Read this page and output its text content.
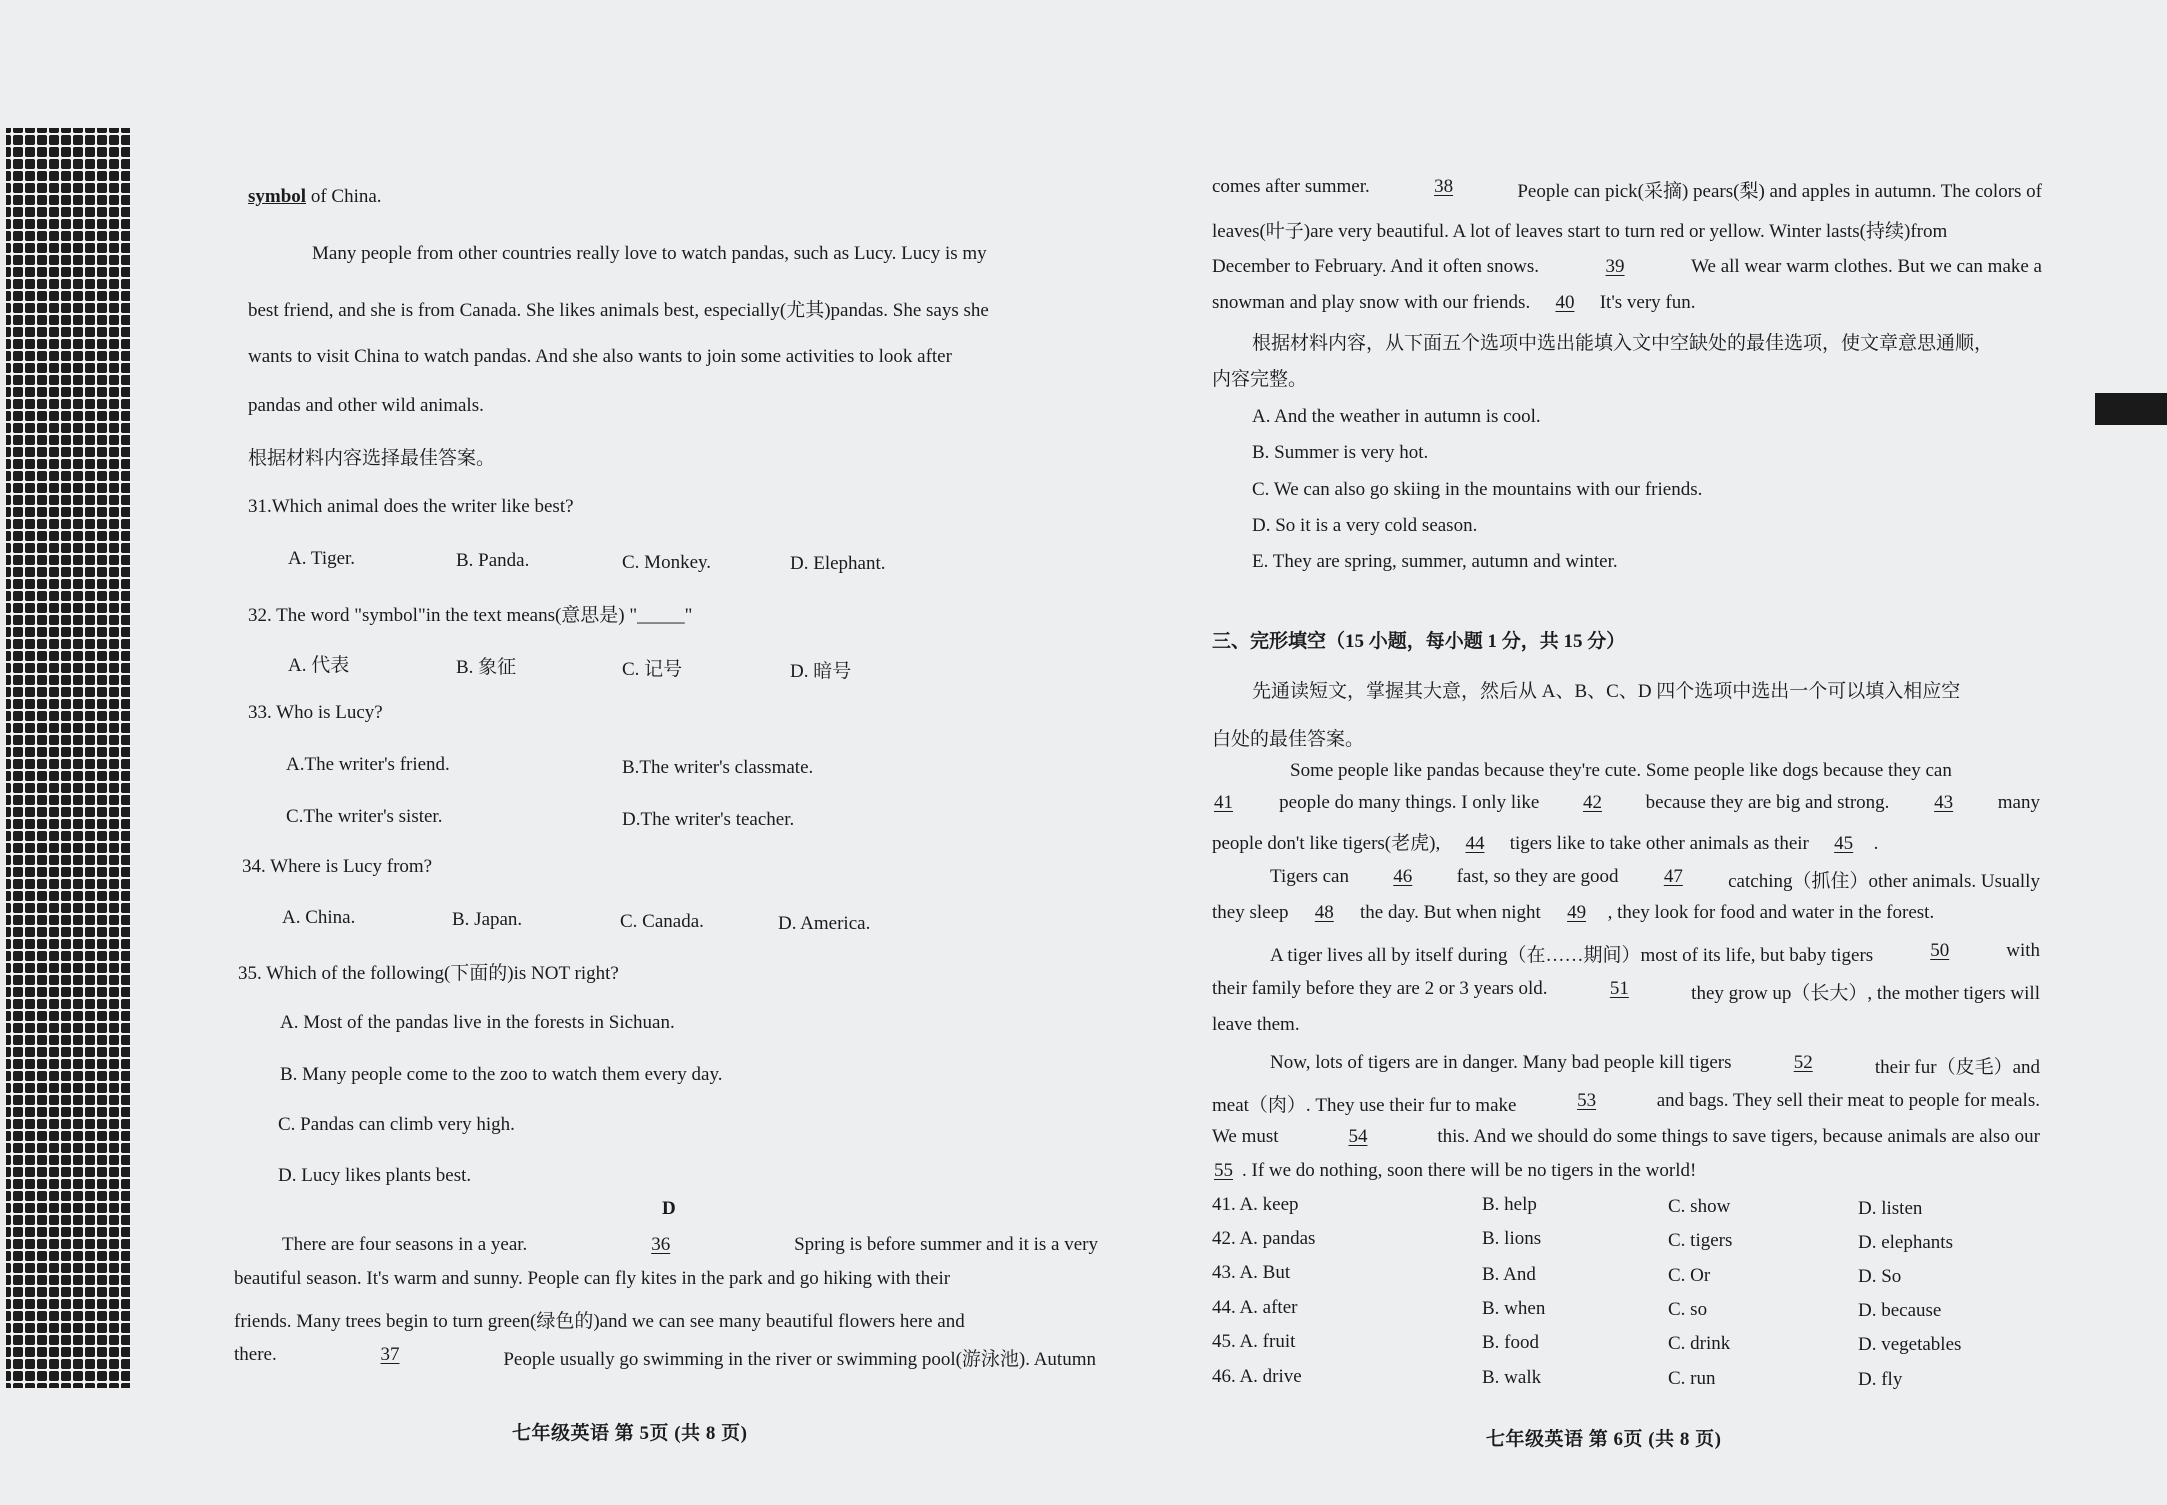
symbol of China.
Many people from other countries really love to watch pandas, such as Lucy. Lucy is my
best friend, and she is from Canada. She likes animals best, especially(尤其)pandas. She says she
wants to visit China to watch pandas. And she also wants to join some activities to look after
pandas and other wild animals.
根据材料内容选择最佳答案。
31.Which animal does the writer like best?
A. Tiger.	B. Panda.	C. Monkey.	D. Elephant.
32. The word "symbol"in the text means(意思是) "_____"
A. 代表	B. 象征	C. 记号	D. 暗号
33. Who is Lucy?
A.The writer's friend.	B.The writer's classmate.
C.The writer's sister.	D.The writer's teacher.
34. Where is Lucy from?
A. China.	B. Japan.	C. Canada.	D. America.
35. Which of the following(下面的)is NOT right?
A. Most of the pandas live in the forests in Sichuan.
B. Many people come to the zoo to watch them every day.
C. Pandas can climb very high.
D. Lucy likes plants best.
D
There are four seasons in a year.	36	Spring is before summer and it is a very
beautiful season. It's warm and sunny. People can fly kites in the park and go hiking with their
friends. Many trees begin to turn green(绿色的)and we can see many beautiful flowers here and
there.	37	People usually go swimming in the river or swimming pool(游泳池). Autumn
七年级英语 第 5页 (共 8 页)
comes after summer.	38	People can pick(采摘) pears(梨) and apples in autumn. The colors of
leaves(叶子)are very beautiful. A lot of leaves start to turn red or yellow. Winter lasts(持续)from
December to February. And it often snows.	39	We all wear warm clothes. But we can make a
snowman and play snow with our friends. 40 It's very fun.
根据材料内容，从下面五个选项中选出能填入文中空缺处的最佳选项，使文章意思通顺，
内容完整。
A. And the weather in autumn is cool.
B. Summer is very hot.
C. We can also go skiing in the mountains with our friends.
D. So it is a very cold season.
E. They are spring, summer, autumn and winter.
三、完形填空（15 小题，每小题 1 分，共 15 分）
先通读短文，掌握其大意，然后从 A、B、C、D 四个选项中选出一个可以填入相应空
白处的最佳答案。
Some people like pandas because they're cute. Some people like dogs because they can
41	people do many things. I only like	42	because they are big and strong.	43	many
people don't like tigers(老虎), 44 tigers like to take other animals as their 45 .
Tigers can	46	fast, so they are good	47	catching（抓住）other animals. Usually
they sleep 48 the day. But when night 49 , they look for food and water in the forest.
A tiger lives all by itself during（在……期间）most of its life, but baby tigers	50	with
their family before they are 2 or 3 years old.	51	they grow up（长大）, the mother tigers will
leave them.
Now, lots of tigers are in danger. Many bad people kill tigers	52	their fur（皮毛）and
meat（肉）. They use their fur to make	53	and bags. They sell their meat to people for meals.
We must	54	this. And we should do some things to save tigers, because animals are also our
55 . If we do nothing, soon there will be no tigers in the world!
41. A. keep	B. help	C. show	D. listen
42. A. pandas	B. lions	C. tigers	D. elephants
43. A. But	B. And	C. Or	D. So
44. A. after	B. when	C. so	D. because
45. A. fruit	B. food	C. drink	D. vegetables
46. A. drive	B. walk	C. run	D. fly
七年级英语 第 6页 (共 8 页)
